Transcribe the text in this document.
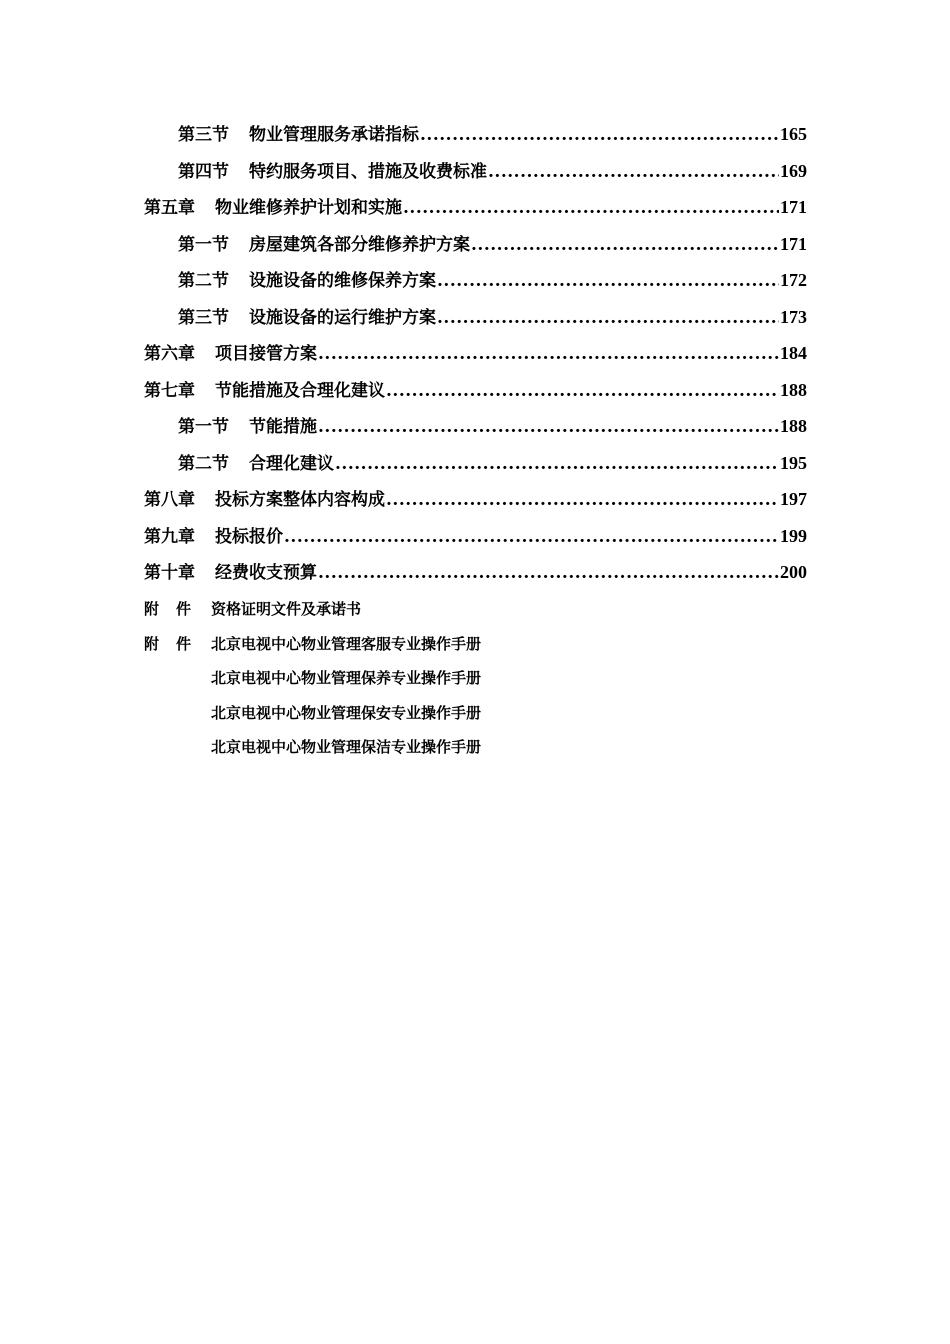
第三节 物业管理服务承诺指标 .....	165
第四节 特约服务项目、措施及收费标准 .....	169
第五章 物业维修养护计划和实施 .....	171
第一节 房屋建筑各部分维修养护方案 .....	171
第二节 设施设备的维修保养方案 .....	172
第三节 设施设备的运行维护方案 .....	173
第六章 项目接管方案 .....	184
第七章 节能措施及合理化建议 .....	188
第一节 节能措施 .....	188
第二节 合理化建议 .....	195
第八章 投标方案整体内容构成 .....	197
第九章 投标报价 .....	199
第十章 经费收支预算 .....	200
附件 资格证明文件及承诺书
附件 北京电视中心物业管理客服专业操作手册
北京电视中心物业管理保养专业操作手册
北京电视中心物业管理保安专业操作手册
北京电视中心物业管理保洁专业操作手册
